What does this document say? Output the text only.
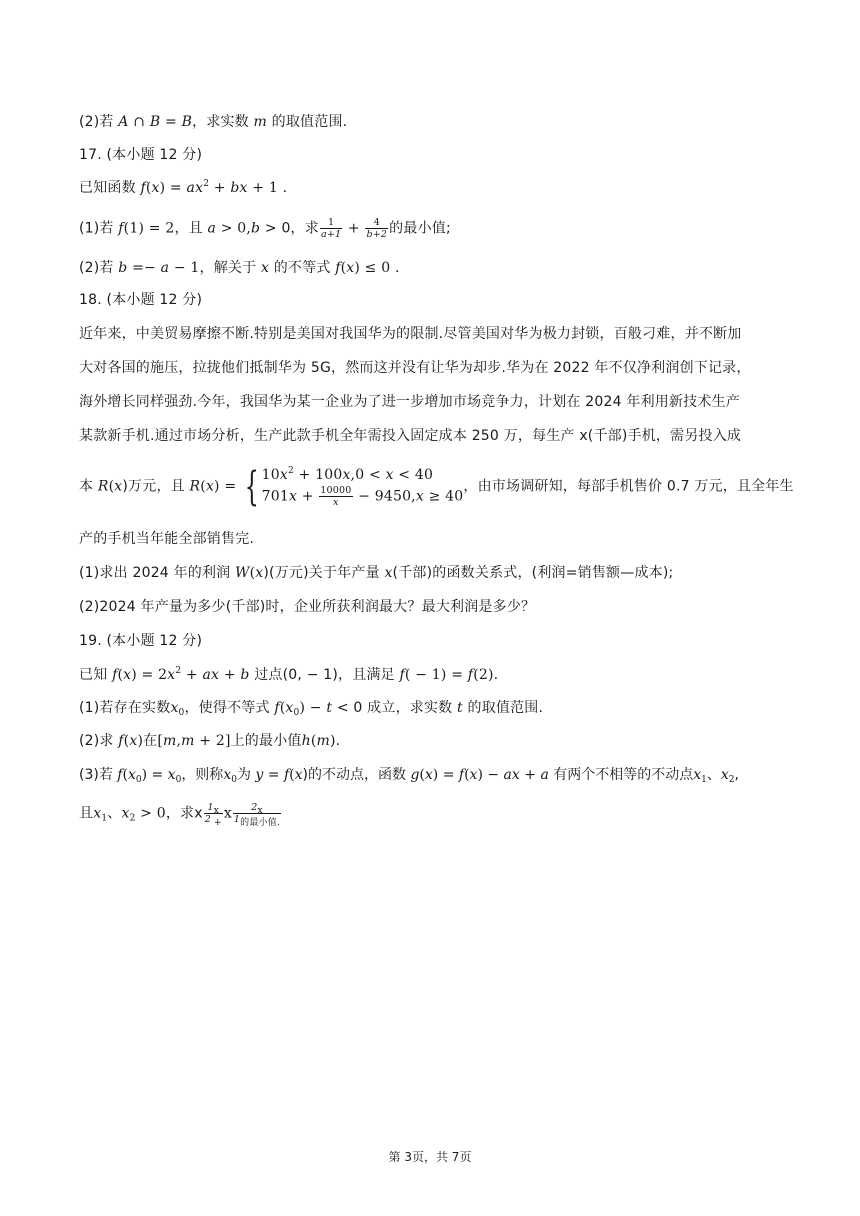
(2)若 A ∩ B = B，求实数 m 的取值范围.
17. (本小题 12 分)
已知函数 $f(x) = ax^2$ + bx + 1 .
(1)若 f(1) = 2，且 a > 0,b > 0，求 $\frac{1}{a+1} + \frac{4}{b+2}$ 的最小值;
(2)若 b =− a − 1，解关于 x 的不等式 f(x) ≤ 0 .
18. (本小题 12 分)
近年来，中美贸易摩擦不断.特别是美国对我国华为的限制.尽管美国对华为极力封锁，百般刁难，并不断加
大对各国的施压，拉拢他们抵制华为 5G，然而这并没有让华为却步.华为在 2022 年不仅净利润创下记录，
海外增长同样强劲.今年，我国华为某一企业为了进一步增加市场竞争力，计划在 2024 年利用新技术生产
某款新手机.通过市场分析，生产此款手机全年需投入固定成本 250 万，每生产 x(千部)手机，需另投入成
本 R(x)万元，且 R(x) = { $10x^2 + 100x,0 < x < 40$
$701x + \frac{10000}{x} - 9450,x \ge 40$
，由市场调研知，每部手机售价 0.7 万元，且全年生
产的手机当年能全部销售完.
(1)求出 2024 年的利润 W(x)(万元)关于年产量 x(千部)的函数关系式，(利润=销售额—成本);
(2)2024 年产量为多少(千部)时，企业所获利润最大？最大利润是多少？
19. (本小题 12 分)
已知 $f(x) = 2x^2$ + ax + b 过点(0, − 1)，且满足 f( − 1) = f(2).
(1)若存在实数$x_0$，使得不等式 $f(x_0) - t < 0$ 成立，求实数 t 的取值范围.
(2)求 f(x)在[m,m + 2]上的最小值h(m).
(3)若 $f(x_0) = x_0$，则称$x_0$为 y = f(x)的不动点，函数 g(x) = f(x) − ax + a 有两个不相等的不动点$x_1$、$x_2$,
且$x_1$、$x_2 > 0$，求x $\frac{1_x}{2 _+}$ x $\frac{2_x}{1_{的最小值.}}$
第 3页，共 7页
